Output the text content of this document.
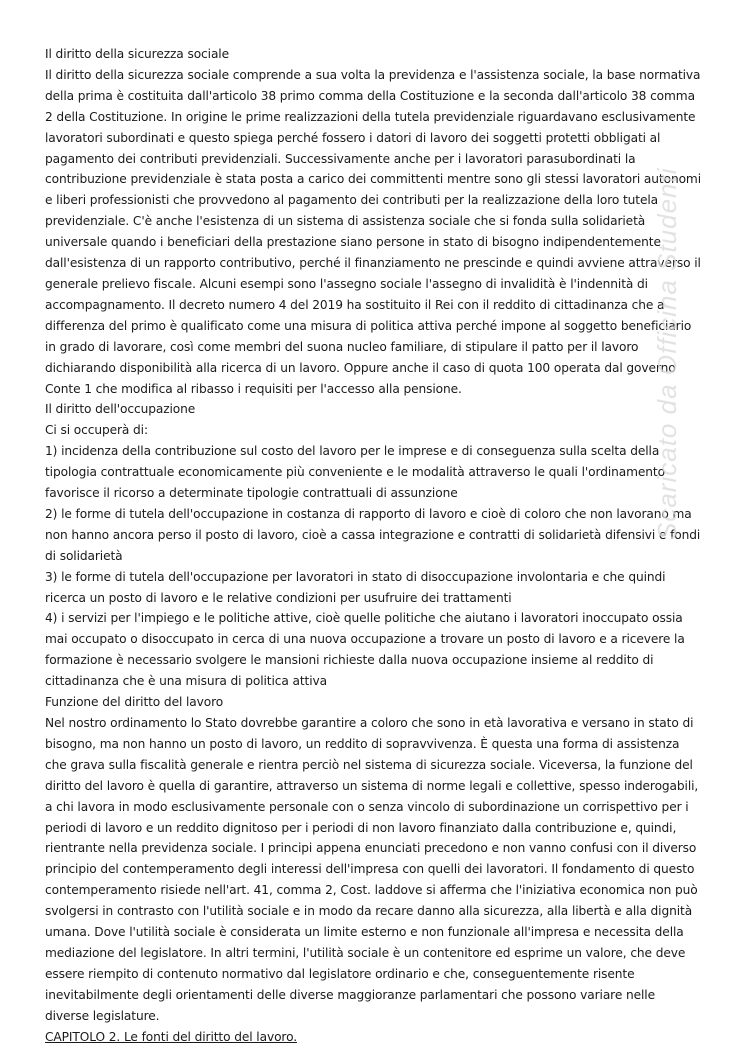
Il diritto della sicurezza sociale

Il diritto della sicurezza sociale comprende a sua volta la previdenza e l'assistenza sociale, la base normativa della prima è costituita dall'articolo 38 primo comma della Costituzione e la seconda dall'articolo 38 comma 2 della Costituzione. In origine le prime realizzazioni della tutela previdenziale riguardavano esclusivamente lavoratori subordinati e questo spiega perché fossero i datori di lavoro dei soggetti protetti obbligati al pagamento dei contributi previdenziali. Successivamente anche per i lavoratori parasubordinati la contribuzione previdenziale è stata posta a carico dei committenti mentre sono gli stessi lavoratori autonomi e liberi professionisti che provvedono al pagamento dei contributi per la realizzazione della loro tutela previdenziale. C'è anche l'esistenza di un sistema di assistenza sociale che si fonda sulla solidarietà universale quando i beneficiari della prestazione siano persone in stato di bisogno indipendentemente dall'esistenza di un rapporto contributivo, perché il finanziamento ne prescinde e quindi avviene attraverso il generale prelievo fiscale. Alcuni esempi sono l'assegno sociale l'assegno di invalidità è l'indennità di accompagnamento. Il decreto numero 4 del 2019 ha sostituito il Rei con il reddito di cittadinanza che a differenza del primo è qualificato come una misura di politica attiva perché impone al soggetto beneficiario in grado di lavorare, così come membri del suona nucleo familiare, di stipulare il patto per il lavoro dichiarando disponibilità alla ricerca di un lavoro. Oppure anche il caso di quota 100 operata dal governo Conte 1 che modifica al ribasso i requisiti per l'accesso alla pensione.

Il diritto dell'occupazione

Ci si occuperà di:

1) incidenza della contribuzione sul costo del lavoro per le imprese e di conseguenza sulla scelta della tipologia contrattuale economicamente più conveniente e le modalità attraverso le quali l'ordinamento favorisce il ricorso a determinate tipologie contrattuali di assunzione

2) le forme di tutela dell'occupazione in costanza di rapporto di lavoro e cioè di coloro che non lavorano ma non hanno ancora perso il posto di lavoro, cioè a cassa integrazione e contratti di solidarietà difensivi e fondi di solidarietà

3) le forme di tutela dell'occupazione per lavoratori in stato di disoccupazione involontaria e che quindi ricerca un posto di lavoro e le relative condizioni per usufruire dei trattamenti

4) i servizi per l'impiego e le politiche attive, cioè quelle politiche che aiutano i lavoratori inoccupato ossia mai occupato o disoccupato in cerca di una nuova occupazione a trovare un posto di lavoro e a ricevere la formazione è necessario svolgere le mansioni richieste dalla nuova occupazione insieme al reddito di cittadinanza che è una misura di politica attiva

Funzione del diritto del lavoro

Nel nostro ordinamento lo Stato dovrebbe garantire a coloro che sono in età lavorativa e versano in stato di bisogno, ma non hanno un posto di lavoro, un reddito di sopravvivenza. È questa una forma di assistenza che grava sulla fiscalità generale e rientra perciò nel sistema di sicurezza sociale. Viceversa, la funzione del diritto del lavoro è quella di garantire, attraverso un sistema di norme legali e collettive, spesso inderogabili, a chi lavora in modo esclusivamente personale con o senza vincolo di subordinazione un corrispettivo per i periodi di lavoro e un reddito dignitoso per i periodi di non lavoro finanziato dalla contribuzione e, quindi, rientrante nella previdenza sociale. I principi appena enunciati precedono e non vanno confusi con il diverso principio del contemperamento degli interessi dell'impresa con quelli dei lavoratori. Il fondamento di questo contemperamento risiede nell'art. 41, comma 2, Cost. laddove si afferma che l'iniziativa economica non può svolgersi in contrasto con l'utilità sociale e in modo da recare danno alla sicurezza, alla libertà e alla dignità umana. Dove l'utilità sociale è considerata un limite esterno e non funzionale all'impresa e necessita della mediazione del legislatore. In altri termini, l'utilità sociale è un contenitore ed esprime un valore, che deve essere riempito di contenuto normativo dal legislatore ordinario e che, conseguentemente risente inevitabilmente degli orientamenti delle diverse maggioranze parlamentari che possono variare nelle diverse legislature.

CAPITOLO 2. Le fonti del diritto del lavoro.

Scaricato da Officina Studenti
